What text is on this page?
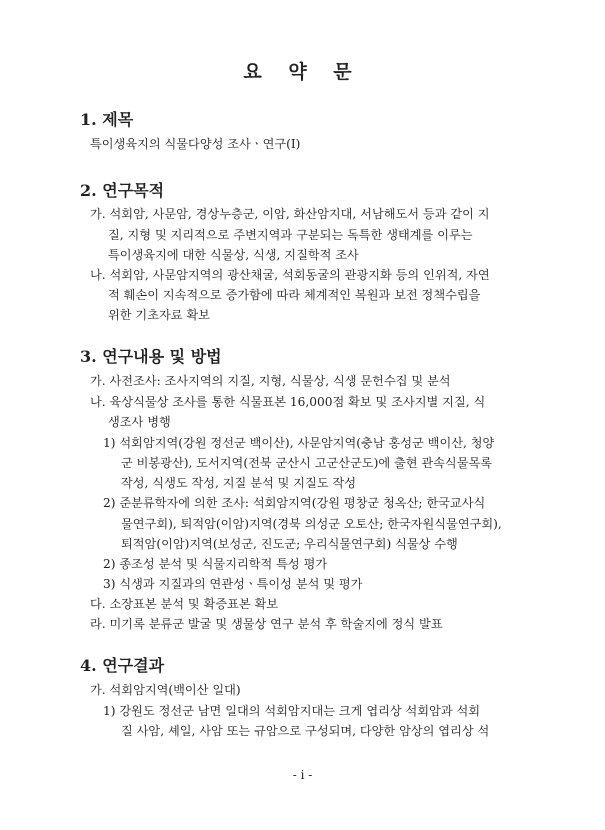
요 약 문
1. 제목
특이생육지의 식물다양성 조사ㆍ연구(Ⅰ)
2. 연구목적
가. 석회암, 사문암, 경상누층군, 이암, 화산암지대, 서남해도서 등과 같이 지
질, 지형 및 지리적으로 주변지역과 구분되는 독특한 생태계를 이루는
특이생육지에 대한 식물상, 식생, 지질학적 조사
나. 석회암, 사문암지역의 광산채굴, 석회동굴의 관광지화 등의 인위적, 자연
적 훼손이 지속적으로 증가함에 따라 체계적인 복원과 보전 정책수립을
위한 기초자료 확보
3. 연구내용 및 방법
가. 사전조사: 조사지역의 지질, 지형, 식물상, 식생 문헌수집 및 분석
나. 육상식물상 조사를 통한 식물표본 16,000점 확보 및 조사지별 지질, 식
생조사 병행
1) 석회암지역(강원 정선군 백이산), 사문암지역(충남 홍성군 백이산, 청양
군 비봉광산), 도서지역(전북 군산시 고군산군도)에 출현 관속식물목록
작성, 식생도 작성, 지질 분석 및 지질도 작성
2) 준분류학자에 의한 조사: 석회암지역(강원 평창군 청옥산; 한국교사식
물연구회), 퇴적암(이암)지역(경북 의성군 오토산; 한국자원식물연구회),
퇴적암(이암)지역(보성군, 진도군; 우리식물연구회) 식물상 수행
2) 종조성 분석 및 식물지리학적 특성 평가
3) 식생과 지질과의 연관성ㆍ특이성 분석 및 평가
다. 소장표본 분석 및 확증표본 확보
라. 미기록 분류군 발굴 및 생물상 연구 분석 후 학술지에 정식 발표
4. 연구결과
가. 석회암지역(백이산 일대)
1) 강원도 정선군 남면 일대의 석회암지대는 크게 엽리상 석회암과 석회
질 사암, 셰일, 사암 또는 규암으로 구성되며, 다양한 암상의 엽리상 석
- i -
